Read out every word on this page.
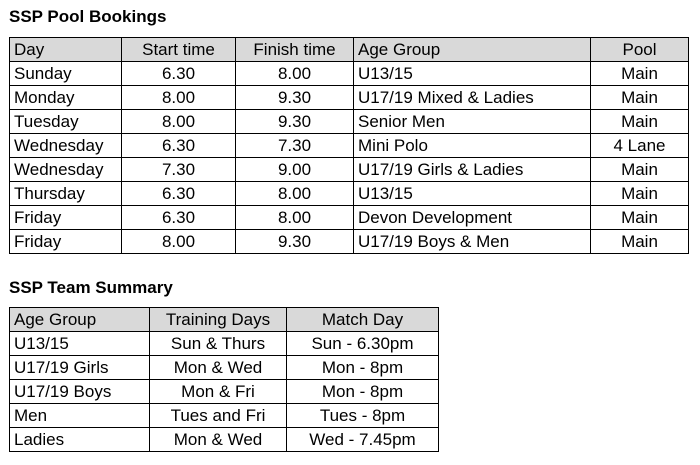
SSP Pool Bookings
Day	Start time	Finish time	Age Group	Pool
Sunday	6.30	8.00	U13/15	Main
Monday	8.00	9.30	U17/19 Mixed & Ladies	Main
Tuesday	8.00	9.30	Senior Men	Main
Wednesday	6.30	7.30	Mini Polo	4 Lane
Wednesday	7.30	9.00	U17/19 Girls & Ladies	Main
Thursday	6.30	8.00	U13/15	Main
Friday	6.30	8.00	Devon Development	Main
Friday	8.00	9.30	U17/19 Boys & Men	Main
SSP Team Summary
Age Group	Training Days	Match Day
U13/15	Sun & Thurs	Sun - 6.30pm
U17/19 Girls	Mon & Wed	Mon - 8pm
U17/19 Boys	Mon & Fri	Mon - 8pm
Men	Tues and Fri	Tues - 8pm
Ladies	Mon & Wed	Wed - 7.45pm
